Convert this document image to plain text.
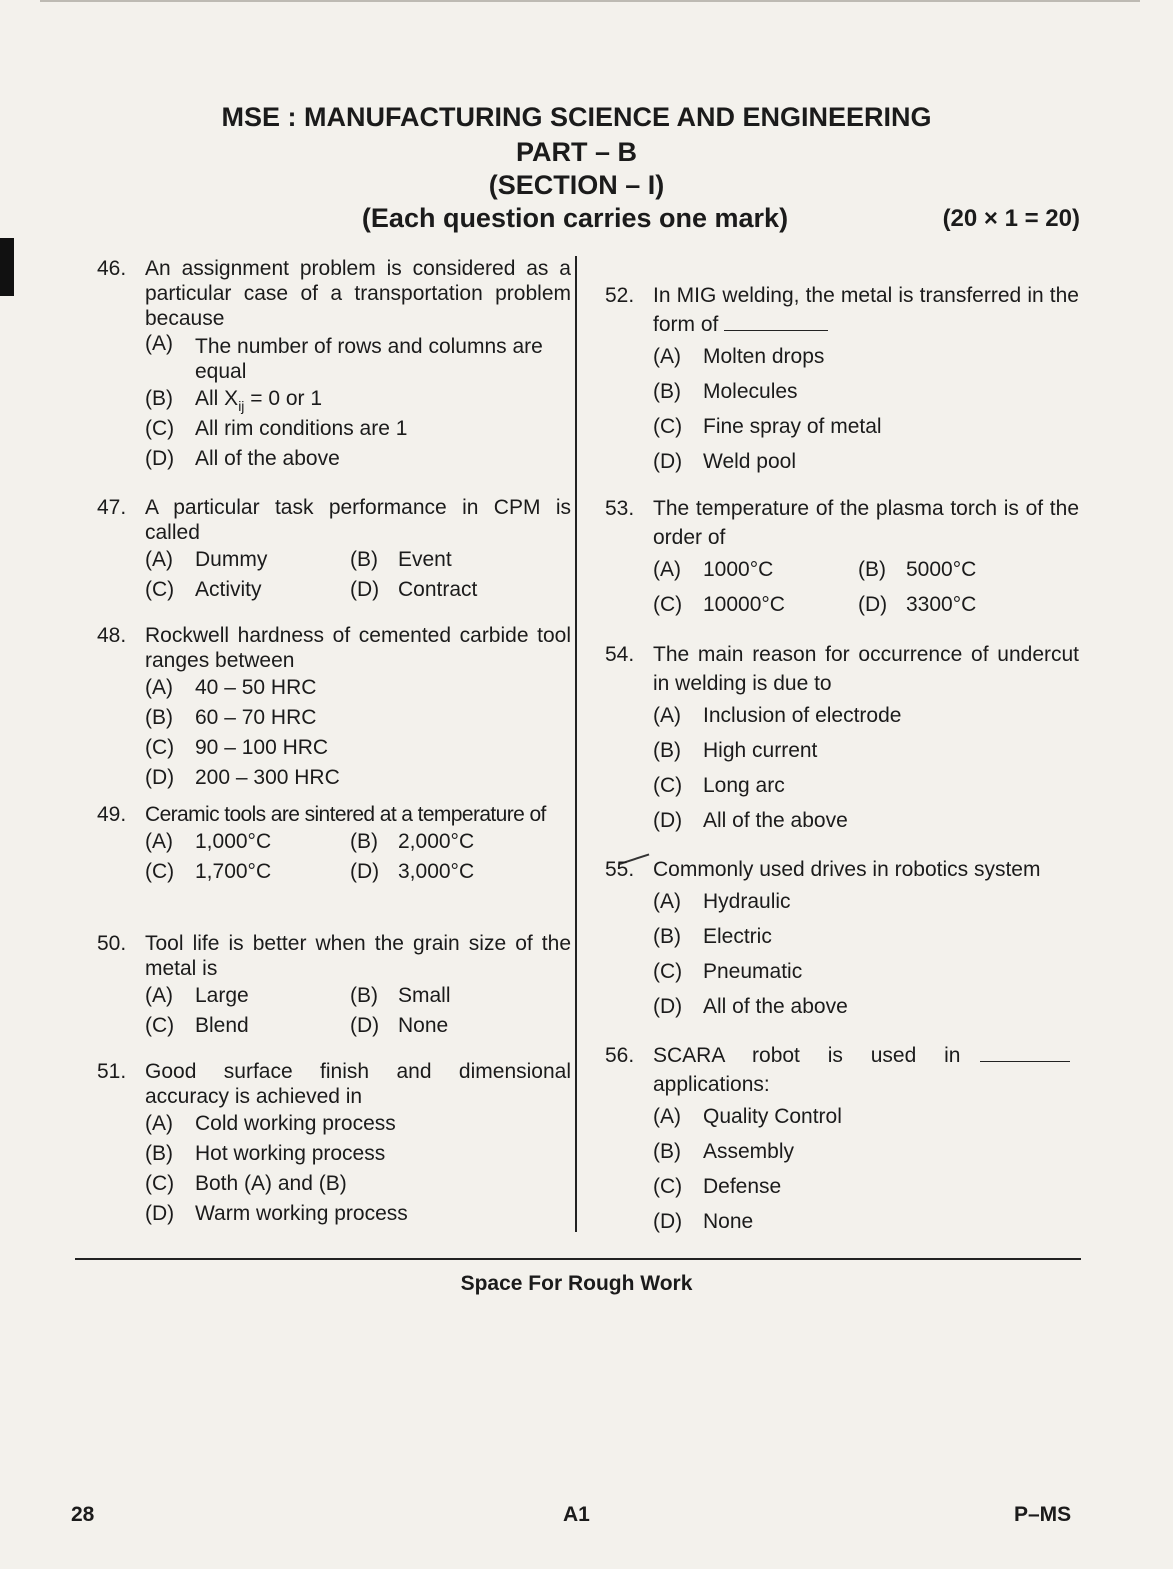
MSE : MANUFACTURING SCIENCE AND ENGINEERING
PART – B
(SECTION – I)
(Each question carries one mark)	(20 × 1 = 20)
46. An assignment problem is considered as a particular case of a transportation problem because
(A) The number of rows and columns are equal
(B) All $X_{ij} = 0$ or 1
(C) All rim conditions are 1
(D) All of the above
47. A particular task performance in CPM is called
(A) Dummy	(B) Event
(C) Activity	(D) Contract
48. Rockwell hardness of cemented carbide tool ranges between
(A) 40 – 50 HRC
(B) 60 – 70 HRC
(C) 90 – 100 HRC
(D) 200 – 300 HRC
49. Ceramic tools are sintered at a temperature of
(A) 1,000°C	(B) 2,000°C
(C) 1,700°C	(D) 3,000°C
50. Tool life is better when the grain size of the metal is
(A) Large	(B) Small
(C) Blend	(D) None
51. Good surface finish and dimensional accuracy is achieved in
(A) Cold working process
(B) Hot working process
(C) Both (A) and (B)
(D) Warm working process
52. In MIG welding, the metal is transferred in the form of
(A) Molten drops
(B) Molecules
(C) Fine spray of metal
(D) Weld pool
53. The temperature of the plasma torch is of the order of
(A) 1000°C	(B) 5000°C
(C) 10000°C	(D) 3300°C
54. The main reason for occurrence of undercut in welding is due to
(A) Inclusion of electrode
(B) High current
(C) Long arc
(D) All of the above
55. Commonly used drives in robotics system
(A) Hydraulic
(B) Electric
(C) Pneumatic
(D) All of the above
56. SCARA robot is used in
applications:
(A) Quality Control
(B) Assembly
(C) Defense
(D) None
Space For Rough Work
28	A1	P–MS
